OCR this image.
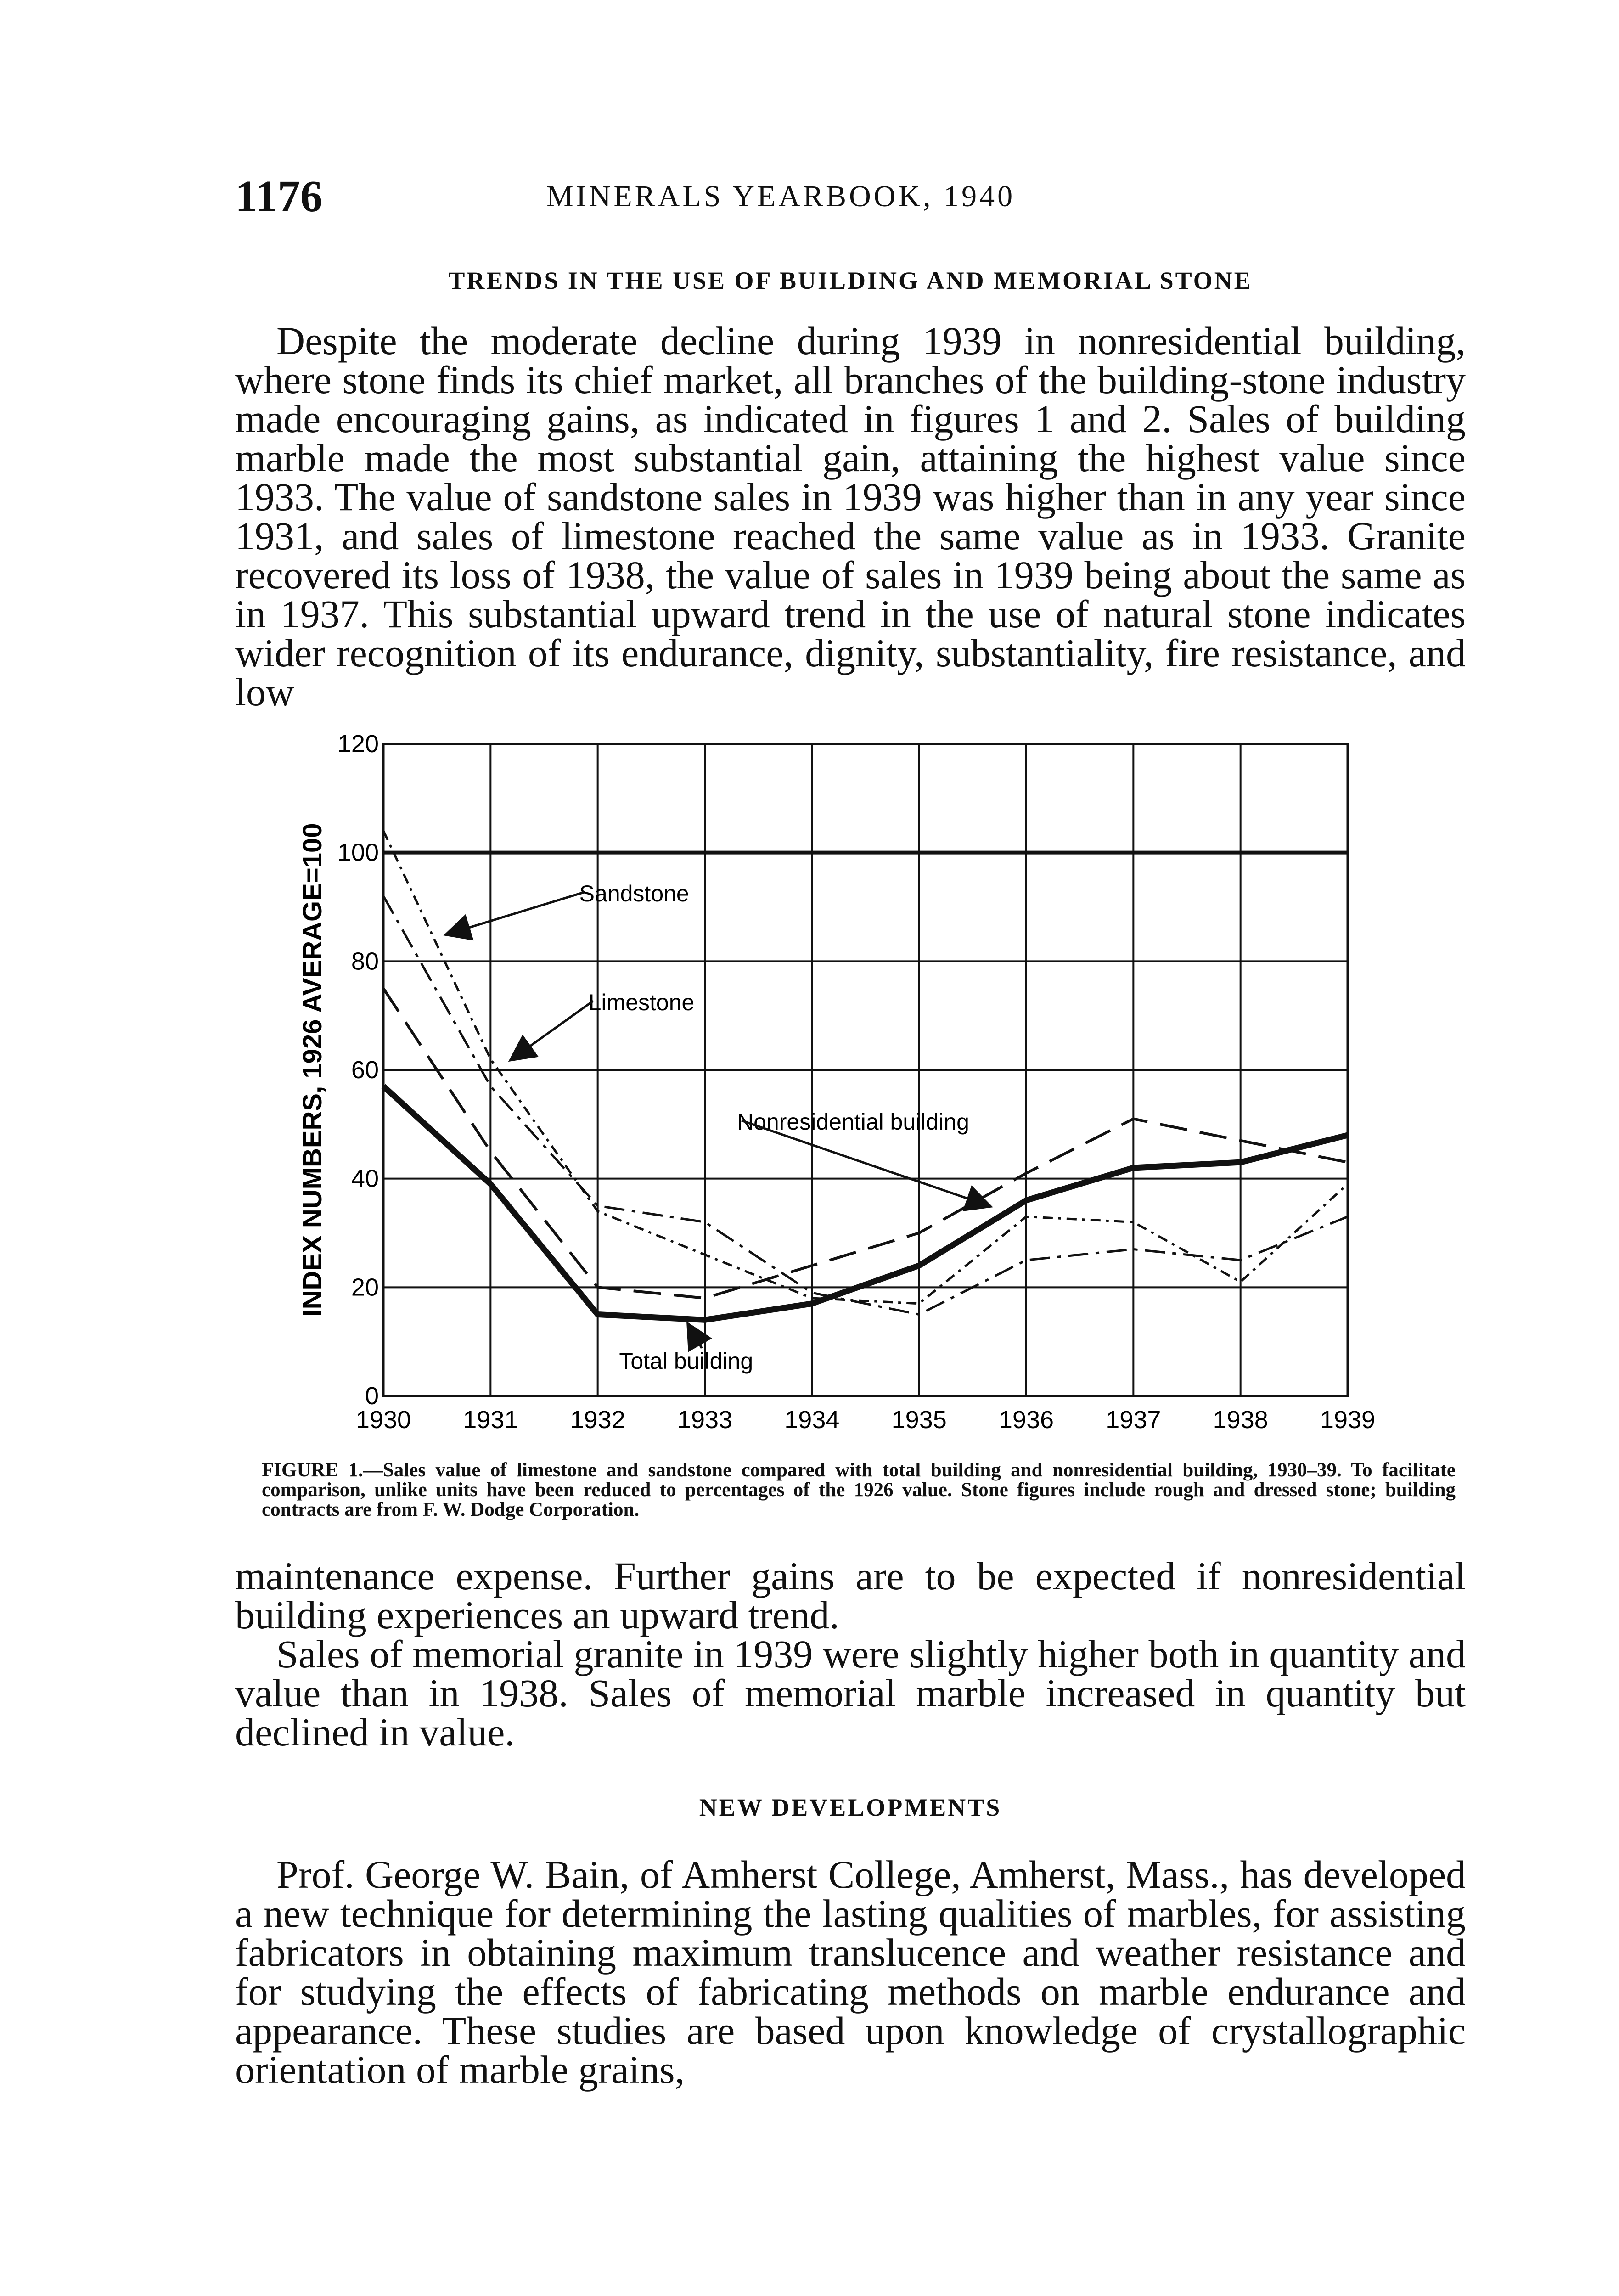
1176	MINERALS YEARBOOK, 1940
TRENDS IN THE USE OF BUILDING AND MEMORIAL STONE

Despite the moderate decline during 1939 in nonresidential building, where stone finds its chief market, all branches of the building-stone industry made encouraging gains, as indicated in figures 1 and 2. Sales of building marble made the most substantial gain, attaining the highest value since 1933. The value of sandstone sales in 1939 was higher than in any year since 1931, and sales of limestone reached the same value as in 1933. Granite recovered its loss of 1938, the value of sales in 1939 being about the same as in 1937. This substantial upward trend in the use of natural stone indicates wider recognition of its endurance, dignity, substantiality, fire resistance, and low

0
20
40
60
80
100
120
1930 1931 1932 1933 1934 1935 1936 1937 1938 1939
INDEX NUMBERS, 1926 AVERAGE=100	Sandstone
Limestone
Nonresidential building
Total building
FIGURE 1.—Sales value of limestone and sandstone compared with total building and nonresidential building, 1930–39. To facilitate comparison, unlike units have been reduced to percentages of the 1926 value. Stone figures include rough and dressed stone; building contracts are from F. W. Dodge Corporation.

maintenance expense. Further gains are to be expected if nonresidential building experiences an upward trend.

Sales of memorial granite in 1939 were slightly higher both in quantity and value than in 1938. Sales of memorial marble increased in quantity but declined in value.

NEW DEVELOPMENTS

Prof. George W. Bain, of Amherst College, Amherst, Mass., has developed a new technique for determining the lasting qualities of marbles, for assisting fabricators in obtaining maximum translucence and weather resistance and for studying the effects of fabricating methods on marble endurance and appearance. These studies are based upon knowledge of crystallographic orientation of marble grains,
